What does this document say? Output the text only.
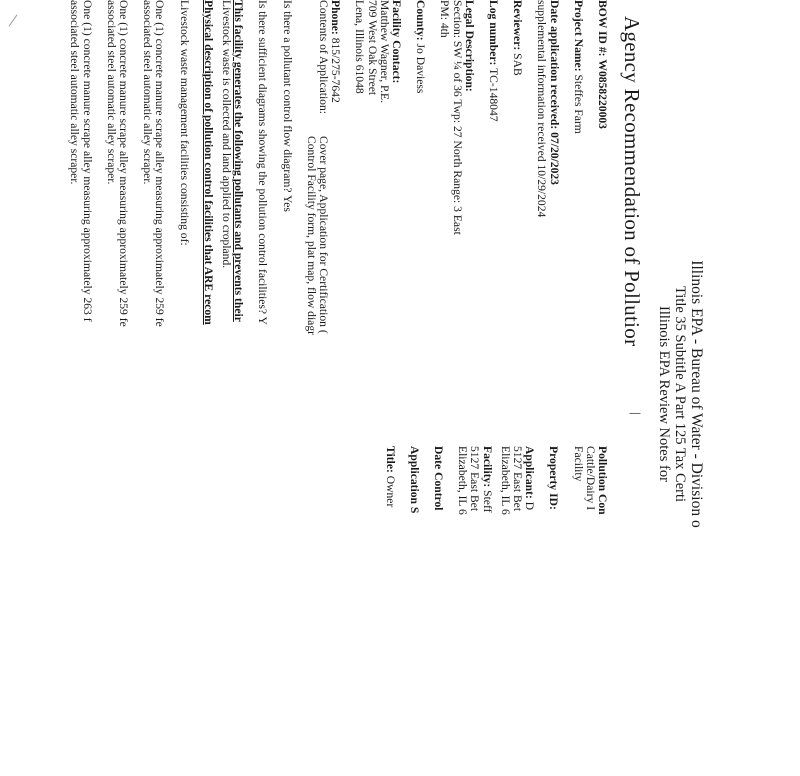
Illinois EPA - Bureau of Water - Division o
Title 35 Subtitle A Part 125 Tax Certi
Illinois EPA Review Notes for
Agency Recommendation of Pollutior
|
BOW ID #: W0858220003
Project Name: Steffes Farm
Date application received: 07/20/2023
supplemental information received 10/29/2024
Reviewer: SAB
Log number: TC-148047
Legal Description:
Section: SW ¼ of 36 Twp: 27 North Range: 3 East
PM: 4th
County: Jo Daviess
Facility Contact:
Matthew Wagner, P.E.
709 West Oak Street
Lena, Illinois 61048
Phone: 815/275-7642
Contents of Application:Cover page, Application for Certification (
Control Facility form, plat map, flow diagr
Is there a pollutant control flow diagram? Yes
Is there sufficient diagrams showing the pollution control facilities? Y
This facility generates the following pollutants and prevents their
Livestock waste is collected and land applied to cropland.
Physical description of pollution control facilities that ARE recom
Livestock waste management facilities consisting of:
One (1) concrete manure scrape alley measuring approximately 259 fe
associated steel automatic alley scraper.
One (1) concrete manure scrape alley measuring approximately 259 fe
associated steel automatic alley scraper.
One (1) concrete manure scrape alley measuring approximately 263 f
associated steel automatic alley scraper.
Pollution Con
Cattle/Dairy I
Facility
Property ID:
Applicant: D
5127 East Bet
Elizabeth, IL 6
Facility: Steff
5127 East Bet
Elizabeth, IL 6
Date Control
Application S
Title: Owner
